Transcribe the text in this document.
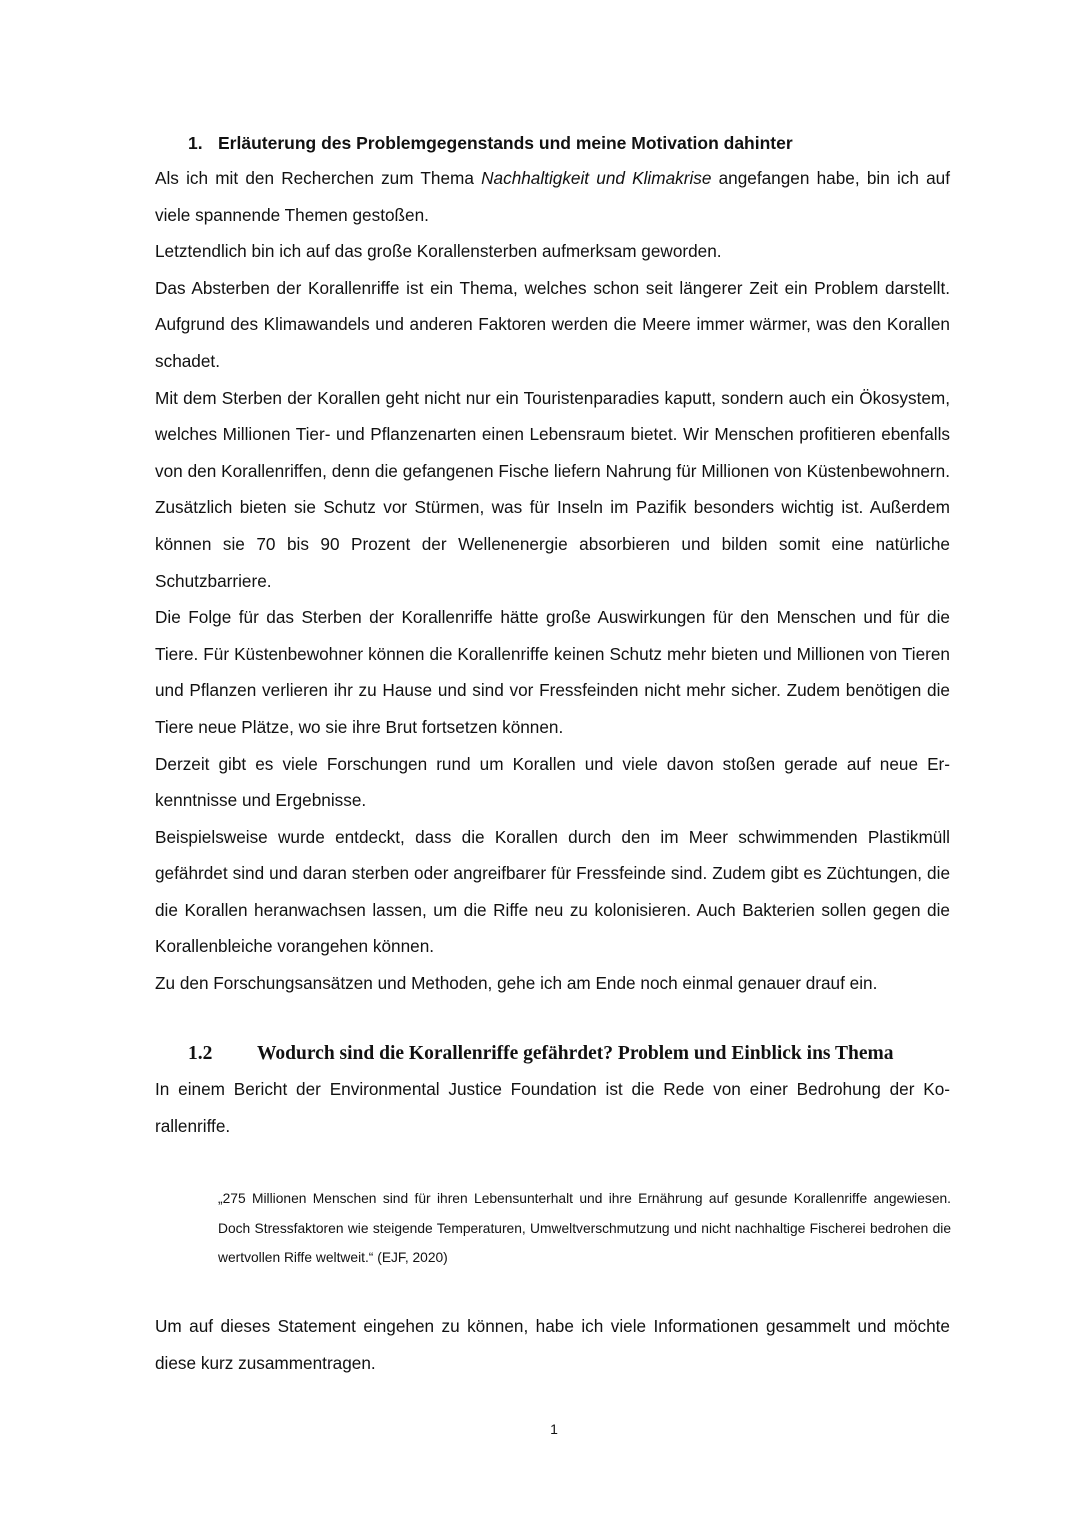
1. Erläuterung des Problemgegenstands und meine Motivation dahinter

Als ich mit den Recherchen zum Thema Nachhaltigkeit und Klimakrise angefangen habe, bin ich auf viele spannende Themen gestoßen.

Letztendlich bin ich auf das große Korallensterben aufmerksam geworden.

Das Absterben der Korallenriffe ist ein Thema, welches schon seit längerer Zeit ein Problem darstellt. Aufgrund des Klimawandels und anderen Faktoren werden die Meere immer wärmer, was den Korallen schadet.

Mit dem Sterben der Korallen geht nicht nur ein Touristenparadies kaputt, sondern auch ein Ökosystem, welches Millionen Tier- und Pflanzenarten einen Lebensraum bietet. Wir Menschen profitieren ebenfalls von den Korallenriffen, denn die gefangenen Fische liefern Nahrung für Millionen von Küstenbewohnern. Zusätzlich bieten sie Schutz vor Stürmen, was für Inseln im Pazifik besonders wichtig ist. Außerdem können sie 70 bis 90 Prozent der Wellenenergie absorbieren und bilden somit eine natürliche Schutzbarriere.

Die Folge für das Sterben der Korallenriffe hätte große Auswirkungen für den Menschen und für die Tiere. Für Küstenbewohner können die Korallenriffe keinen Schutz mehr bieten und Millionen von Tieren und Pflanzen verlieren ihr zu Hause und sind vor Fressfeinden nicht mehr sicher. Zudem benötigen die Tiere neue Plätze, wo sie ihre Brut fortsetzen können.

Derzeit gibt es viele Forschungen rund um Korallen und viele davon stoßen gerade auf neue Erkenntnisse und Ergebnisse.

Beispielsweise wurde entdeckt, dass die Korallen durch den im Meer schwimmenden Plastikmüll gefährdet sind und daran sterben oder angreifbarer für Fressfeinde sind. Zudem gibt es Züchtungen, die die Korallen heranwachsen lassen, um die Riffe neu zu kolonisieren. Auch Bakterien sollen gegen die Korallenbleiche vorangehen können.

Zu den Forschungsansätzen und Methoden, gehe ich am Ende noch einmal genauer drauf ein.

1.2 Wodurch sind die Korallenriffe gefährdet? Problem und Einblick ins Thema

In einem Bericht der Environmental Justice Foundation ist die Rede von einer Bedrohung der Korallenriffe.

„275 Millionen Menschen sind für ihren Lebensunterhalt und ihre Ernährung auf gesunde Korallenriffe angewiesen. Doch Stressfaktoren wie steigende Temperaturen, Umweltverschmutzung und nicht nachhaltige Fischerei bedrohen die wertvollen Riffe weltweit.“ (EJF, 2020)

Um auf dieses Statement eingehen zu können, habe ich viele Informationen gesammelt und möchte diese kurz zusammentragen.

1
